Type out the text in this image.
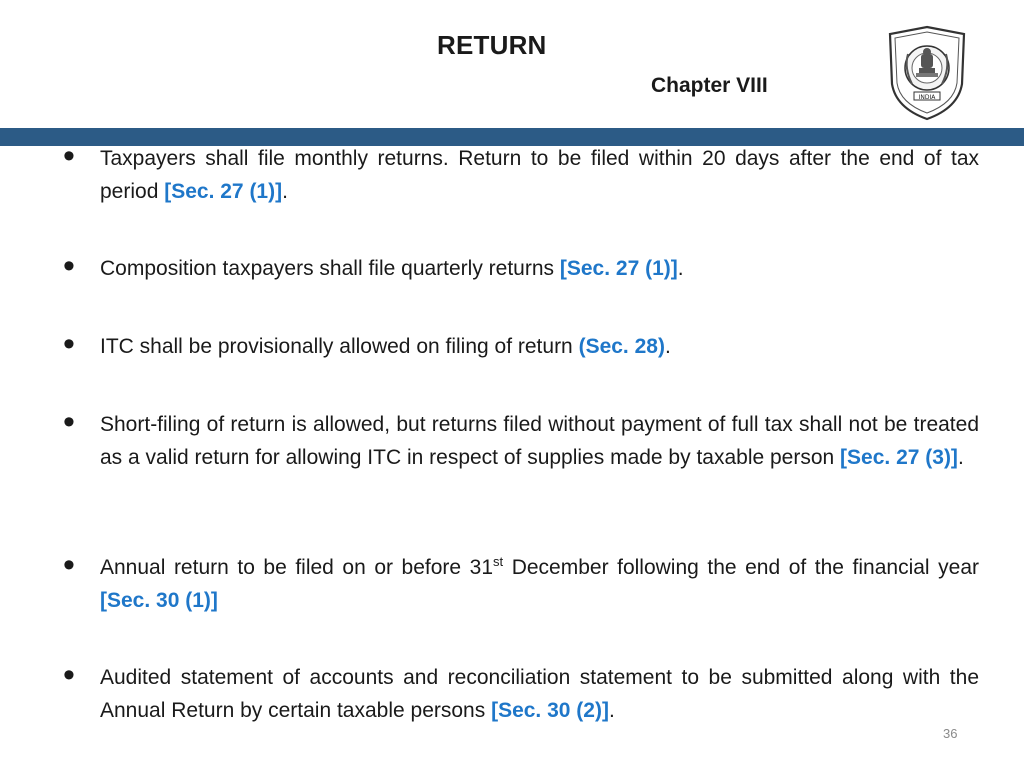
RETURN
Chapter VIII
INDIA
• Taxpayers shall file monthly returns. Return to be filed within 20 days after the end of tax period [Sec. 27 (1)].
• Composition taxpayers shall file quarterly returns [Sec. 27 (1)].
• ITC shall be provisionally allowed on filing of return (Sec. 28).
• Short-filing of return is allowed, but returns filed without payment of full tax shall not be treated as a valid return for allowing ITC in respect of supplies made by taxable person [Sec. 27 (3)].
• Annual return to be filed on or before 31st December following the end of the financial year [Sec. 30 (1)]
• Audited statement of accounts and reconciliation statement to be submitted along with the Annual Return by certain taxable persons [Sec. 30 (2)].
36
